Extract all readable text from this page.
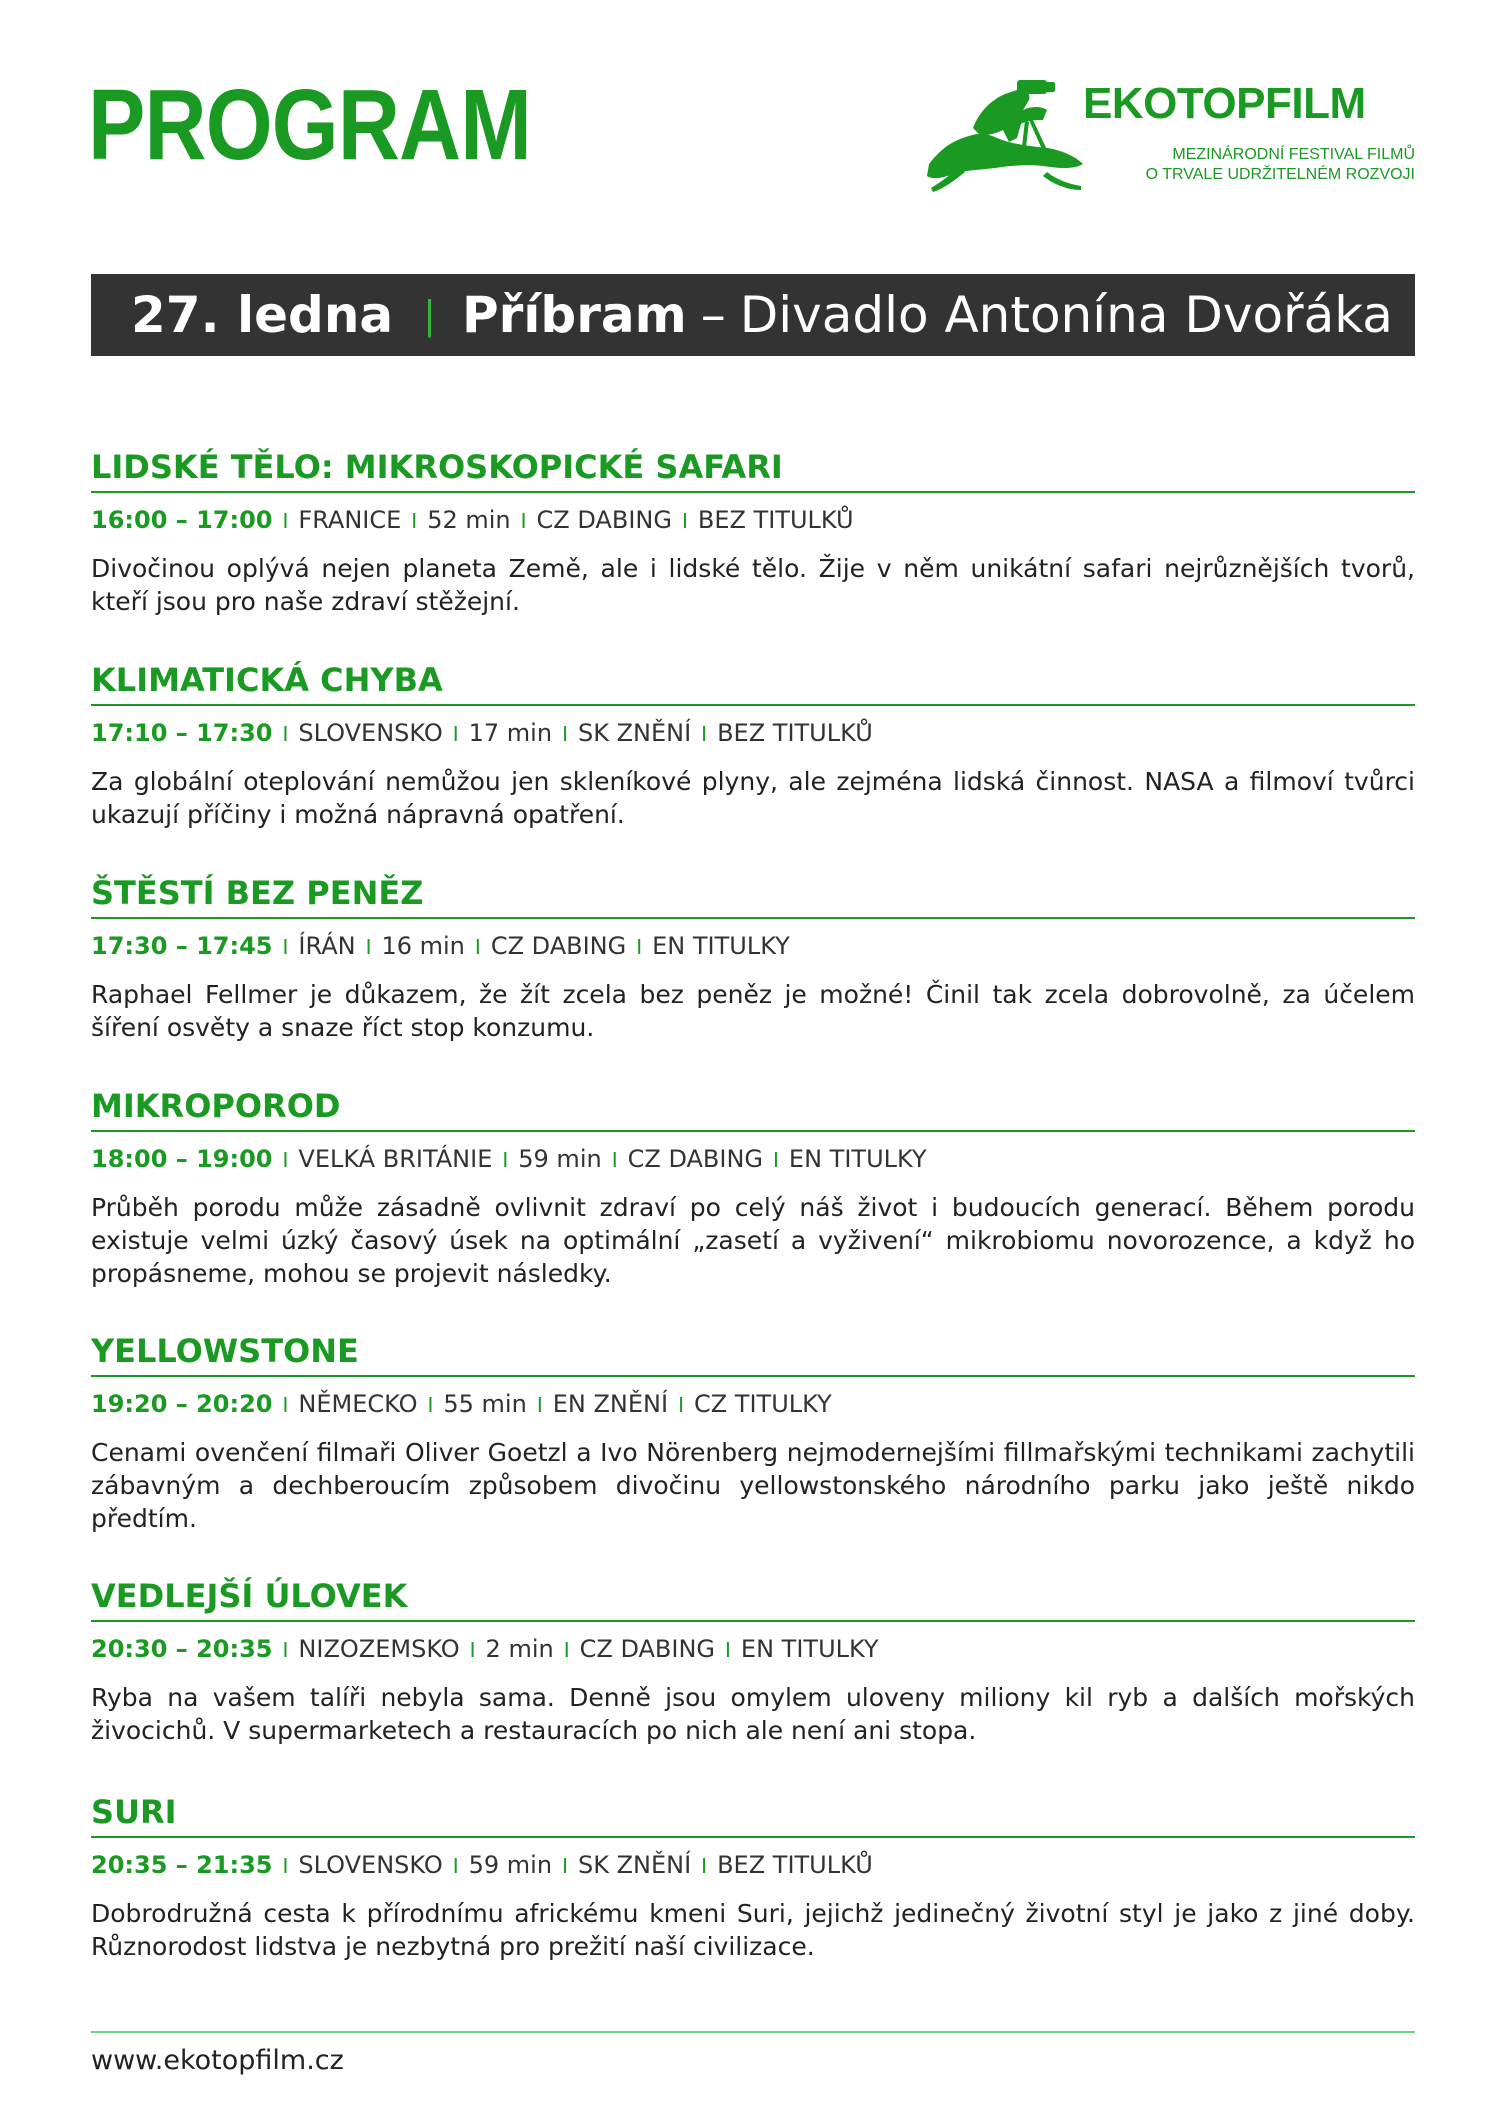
PROGRAM	EKOTOPFILM

MEZINÁRODNÍ FESTIVAL FILMŮ

O TRVALE UDRŽITELNÉM ROZVOJI

27. ledna | Příbram – Divadlo Antonína Dvořáka
LIDSKÉ TĚLO: MIKROSKOPICKÉ SAFARI

16:00 – 17:00 I FRANICE I 52 min I CZ DABING I BEZ TITULKŮ

Divočinou oplývá nejen planeta Země, ale i lidské tělo. Žije v něm unikátní safari nejrůznějších tvorů, kteří jsou pro naše zdraví stěžejní.

KLIMATICKÁ CHYBA

17:10 – 17:30 I SLOVENSKO I 17 min I SK ZNĚNÍ I BEZ TITULKŮ

Za globální oteplování nemůžou jen skleníkové plyny, ale zejména lidská činnost. NASA a filmoví tvůrci ukazují příčiny i možná nápravná opatření.

ŠTĚSTÍ BEZ PENĚZ

17:30 – 17:45 I ÍRÁN I 16 min I CZ DABING I EN TITULKY

Raphael Fellmer je důkazem, že žít zcela bez peněz je možné! Činil tak zcela dobrovolně, za účelem šíření osvěty a snaze říct stop konzumu.

MIKROPOROD

18:00 – 19:00 I VELKÁ BRITÁNIE I 59 min I CZ DABING I EN TITULKY

Průběh porodu může zásadně ovlivnit zdraví po celý náš život i budoucích generací. Během porodu existuje velmi úzký časový úsek na optimální „zasetí a vyživení“ mikrobiomu novorozence, a když ho propásneme, mohou se projevit následky.

YELLOWSTONE

19:20 – 20:20 I NĚMECKO I 55 min I EN ZNĚNÍ I CZ TITULKY

Cenami ovenčení filmaři Oliver Goetzl a Ivo Nörenberg nejmodernejšími fillmařskými technikami zachytili zábavným a dechberoucím způsobem divočinu yellowstonského národního parku jako ještě nikdo předtím.

VEDLEJŠÍ ÚLOVEK

20:30 – 20:35 I NIZOZEMSKO I 2 min I CZ DABING I EN TITULKY

Ryba na vašem talíři nebyla sama. Denně jsou omylem uloveny miliony kil ryb a dalších mořských živocichů. V supermarketech a restauracích po nich ale není ani stopa.

SURI

20:35 – 21:35 I SLOVENSKO I 59 min I SK ZNĚNÍ I BEZ TITULKŮ

Dobrodružná cesta k přírodnímu africkému kmeni Suri, jejichž jedinečný životní styl je jako z jiné doby. Různorodost lidstva je nezbytná pro prežití naší civilizace.

www.ekotopfilm.cz
